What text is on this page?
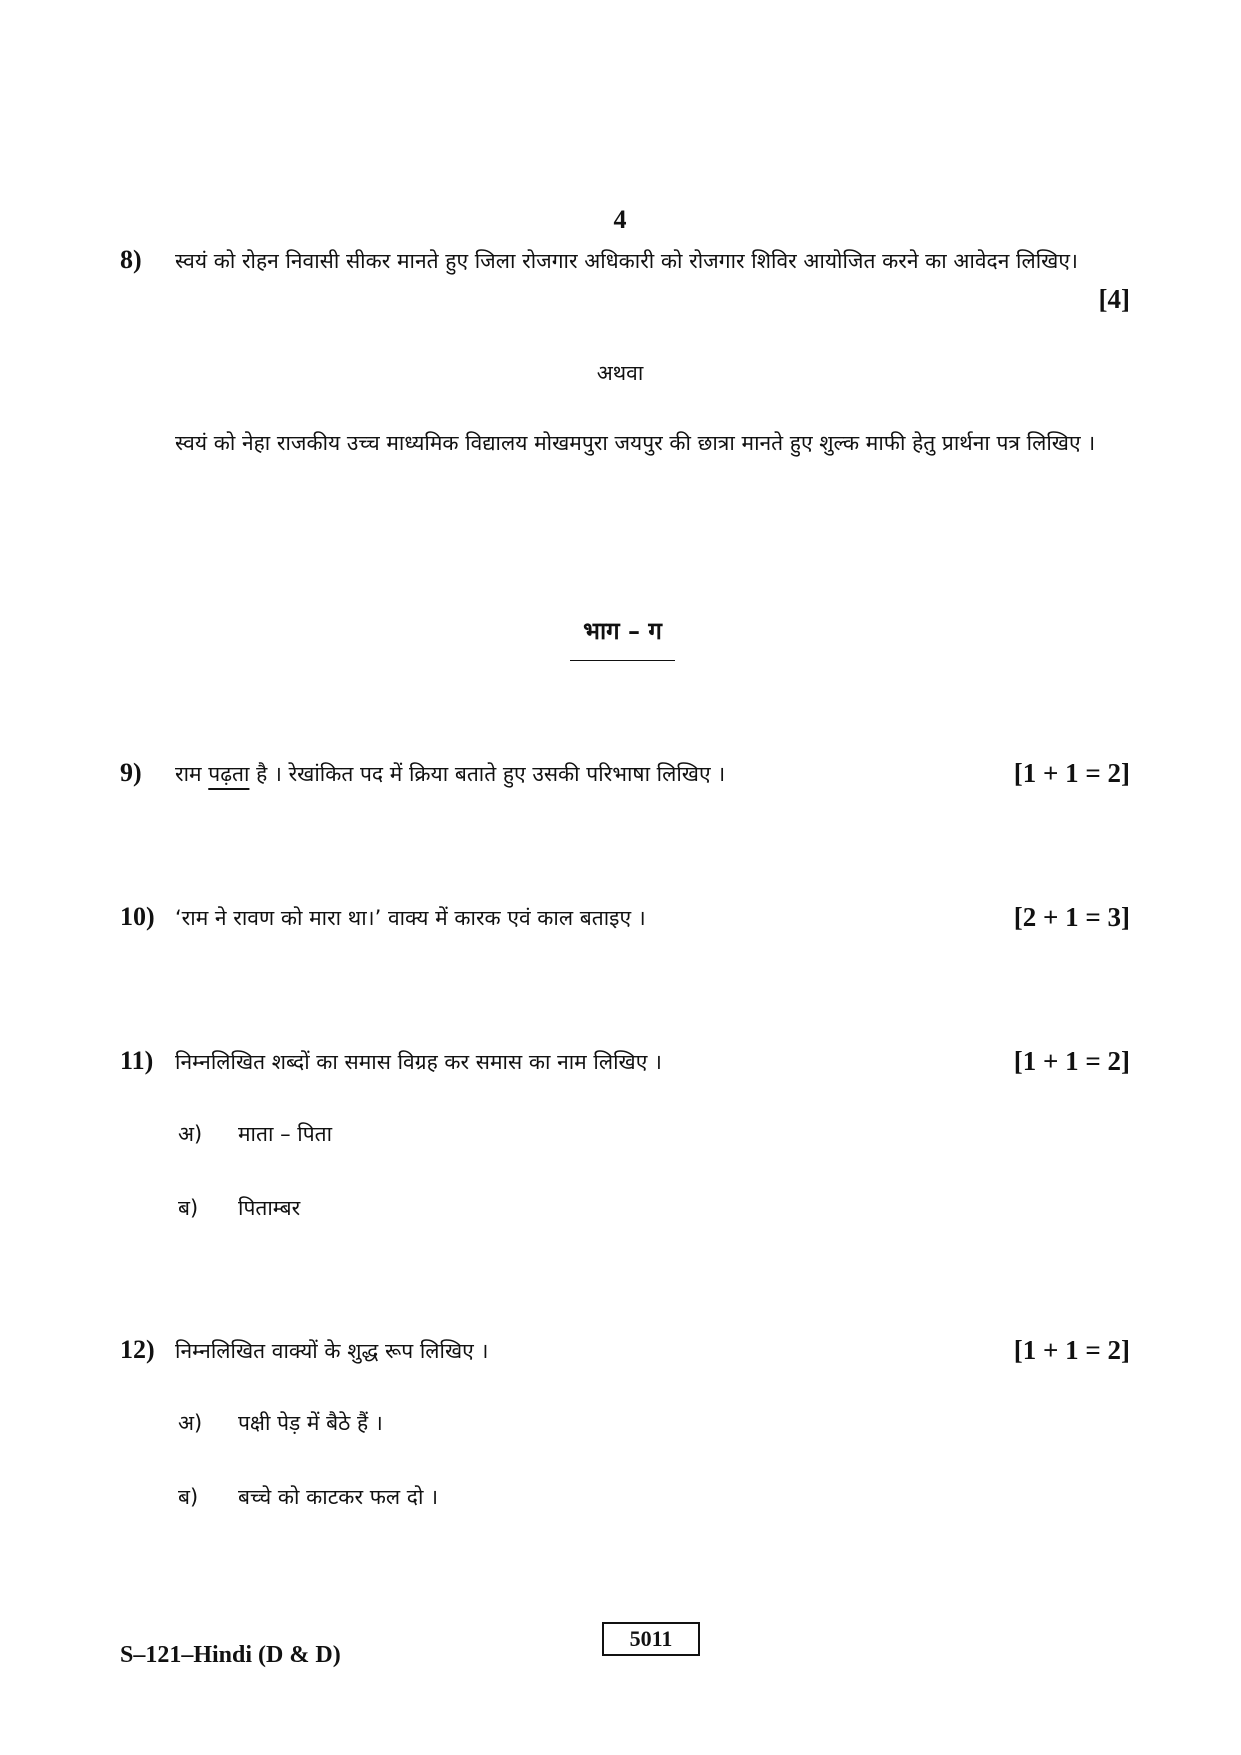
4
8)	स्वयं को रोहन निवासी सीकर मानते हुए जिला रोजगार अधिकारी को रोजगार शिविर आयोजित करने का आवेदन लिखिए।
[4]
अथवा
स्वयं को नेहा राजकीय उच्च माध्यमिक विद्यालय मोखमपुरा जयपुर की छात्रा मानते हुए शुल्क माफी हेतु प्रार्थना पत्र लिखिए ।
भाग – ग
9)	राम पढ़ता है । रेखांकित पद में क्रिया बताते हुए उसकी परिभाषा लिखिए ।	[1 + 1 = 2]
10) ‘राम ने रावण को मारा था।’ वाक्य में कारक एवं काल बताइए ।	[2 + 1 = 3]
11)	निम्नलिखित शब्दों का समास विग्रह कर समास का नाम लिखिए ।	[1 + 1 = 2]
अ)	माता – पिता
ब)	पिताम्बर
12) निम्नलिखित वाक्यों के शुद्ध रूप लिखिए ।	[1 + 1 = 2]
अ)	पक्षी पेड़ में बैठे हैं ।
ब)	बच्चे को काटकर फल दो ।
S–121–Hindi (D & D)
5011
